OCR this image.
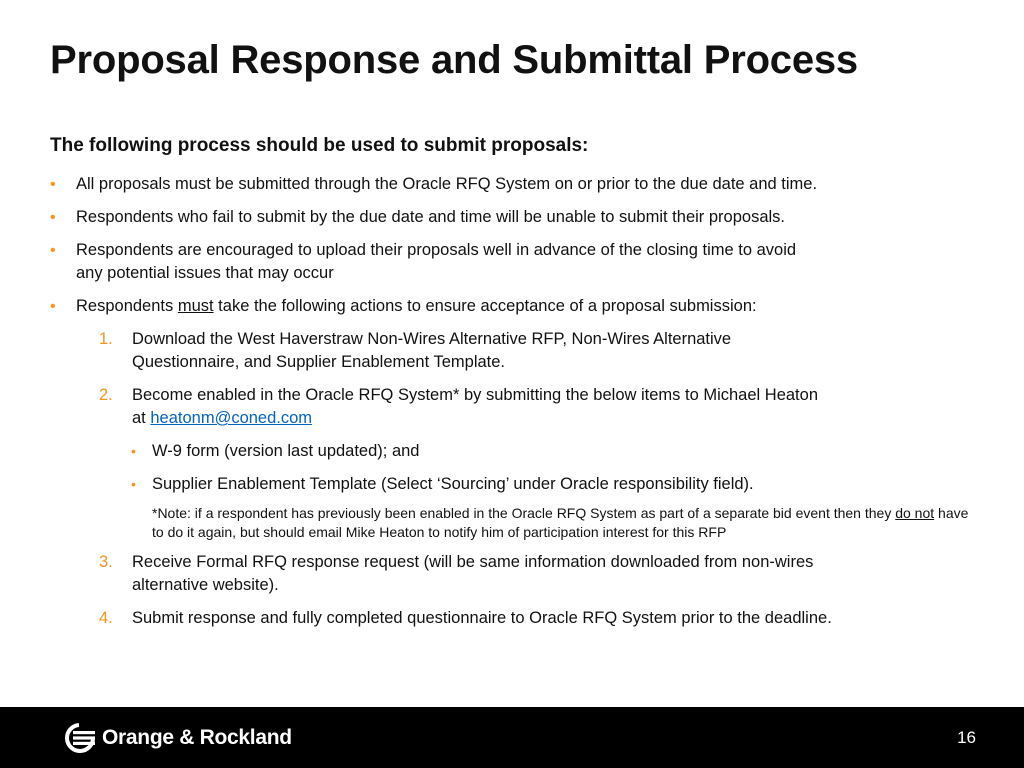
Proposal Response and Submittal Process
The following process should be used to submit proposals:
• All proposals must be submitted through the Oracle RFQ System on or prior to the due date and time.
• Respondents who fail to submit by the due date and time will be unable to submit their proposals.
• Respondents are encouraged to upload their proposals well in advance of the closing time to avoid
any potential issues that may occur
• Respondents must take the following actions to ensure acceptance of a proposal submission:
1. Download the West Haverstraw Non-Wires Alternative RFP, Non-Wires Alternative
Questionnaire, and Supplier Enablement Template.
2. Become enabled in the Oracle RFQ System* by submitting the below items to Michael Heaton
at heatonm@coned.com
• W-9 form (version last updated); and
• Supplier Enablement Template (Select ‘Sourcing’ under Oracle responsibility field).
*Note: if a respondent has previously been enabled in the Oracle RFQ System as part of a separate bid event then they do not have to do it again, but should email Mike Heaton to notify him of participation interest for this RFP
3. Receive Formal RFQ response request (will be same information downloaded from non-wires
alternative website).
4. Submit response and fully completed questionnaire to Oracle RFQ System prior to the deadline.
Orange & Rockland	16
